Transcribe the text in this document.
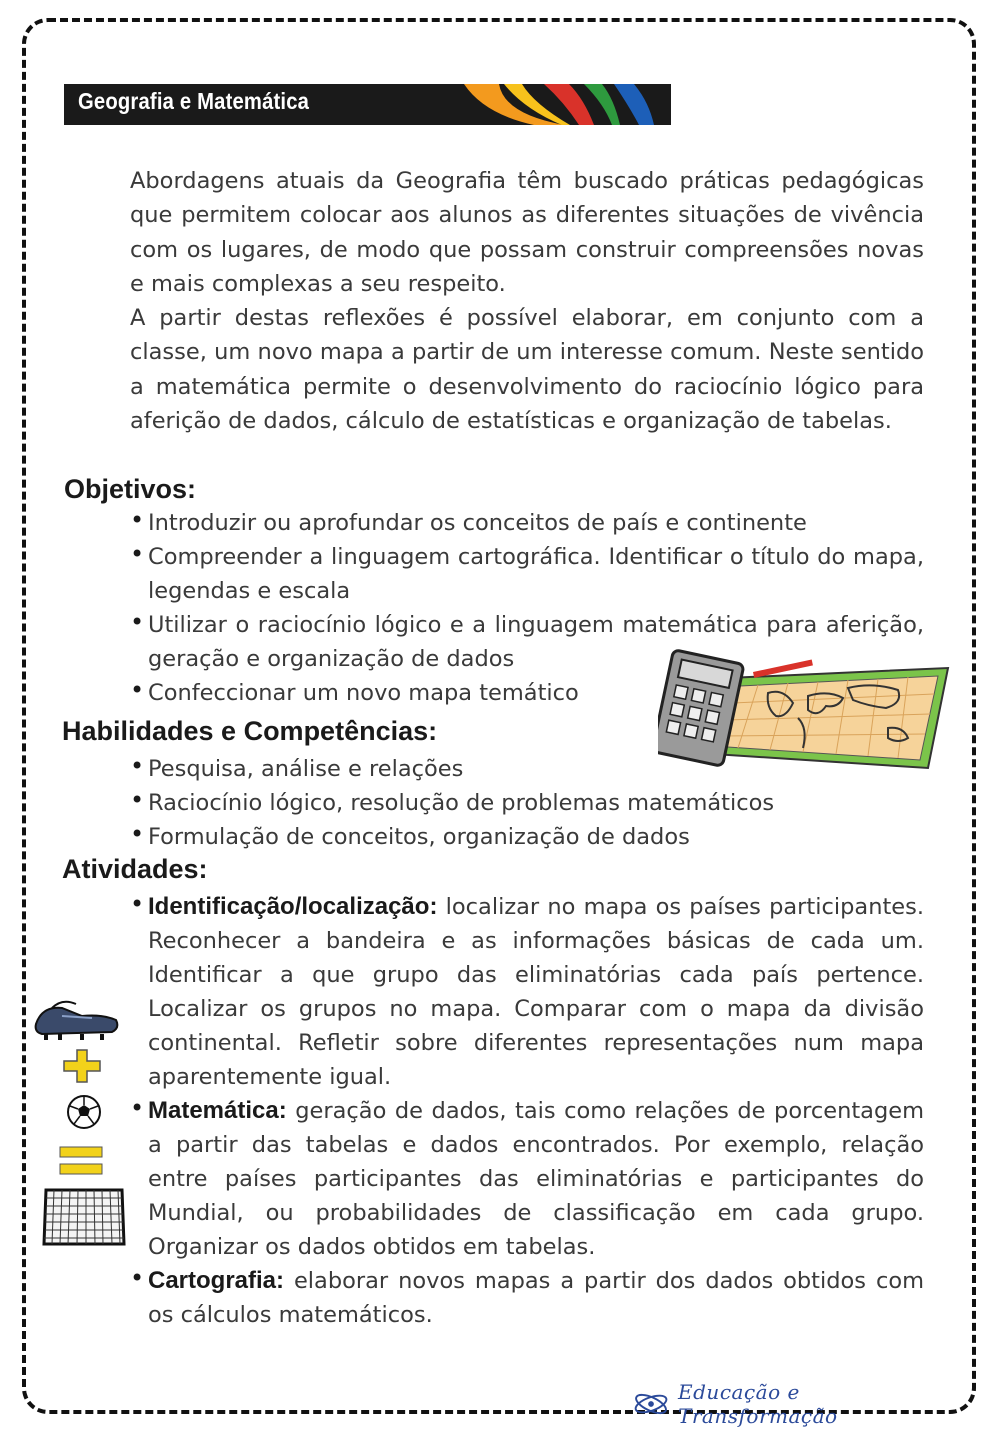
Geografia e Matemática

Abordagens atuais da Geografia têm buscado práticas pedagógicas que permitem colocar aos alunos as diferentes situações de vivência com os lugares, de modo que possam construir compreensões novas e mais complexas a seu respeito.

A partir destas reflexões é possível elaborar, em conjunto com a classe, um novo mapa a partir de um interesse comum. Neste sentido a matemática permite o desenvolvimento do raciocínio lógico para aferição de dados, cálculo de estatísticas e organização de tabelas.

Objetivos:
• Introduzir ou aprofundar os conceitos de país e continente
• Compreender a linguagem cartográfica. Identificar o título do mapa, legendas e escala
• Utilizar o raciocínio lógico e a linguagem matemática para aferição, geração e organização de dados
• Confeccionar um novo mapa temático
Habilidades e Competências:
• Pesquisa, análise e relações
• Raciocínio lógico, resolução de problemas matemáticos
• Formulação de conceitos, organização de dados
Atividades:
• Identificação/localização: localizar no mapa os países participantes. Reconhecer a bandeira e as informações básicas de cada um. Identificar a que grupo das eliminatórias cada país pertence. Localizar os grupos no mapa. Comparar com o mapa da divisão continental. Refletir sobre diferentes representações num mapa aparentemente igual.
• Matemática: geração de dados, tais como relações de porcentagem a partir das tabelas e dados encontrados. Por exemplo, relação entre países participantes das eliminatórias e participantes do Mundial, ou probabilidades de classificação em cada grupo. Organizar os dados obtidos em tabelas.
• Cartografia: elaborar novos mapas a partir dos dados obtidos com os cálculos matemáticos.
Educação e Transformação
